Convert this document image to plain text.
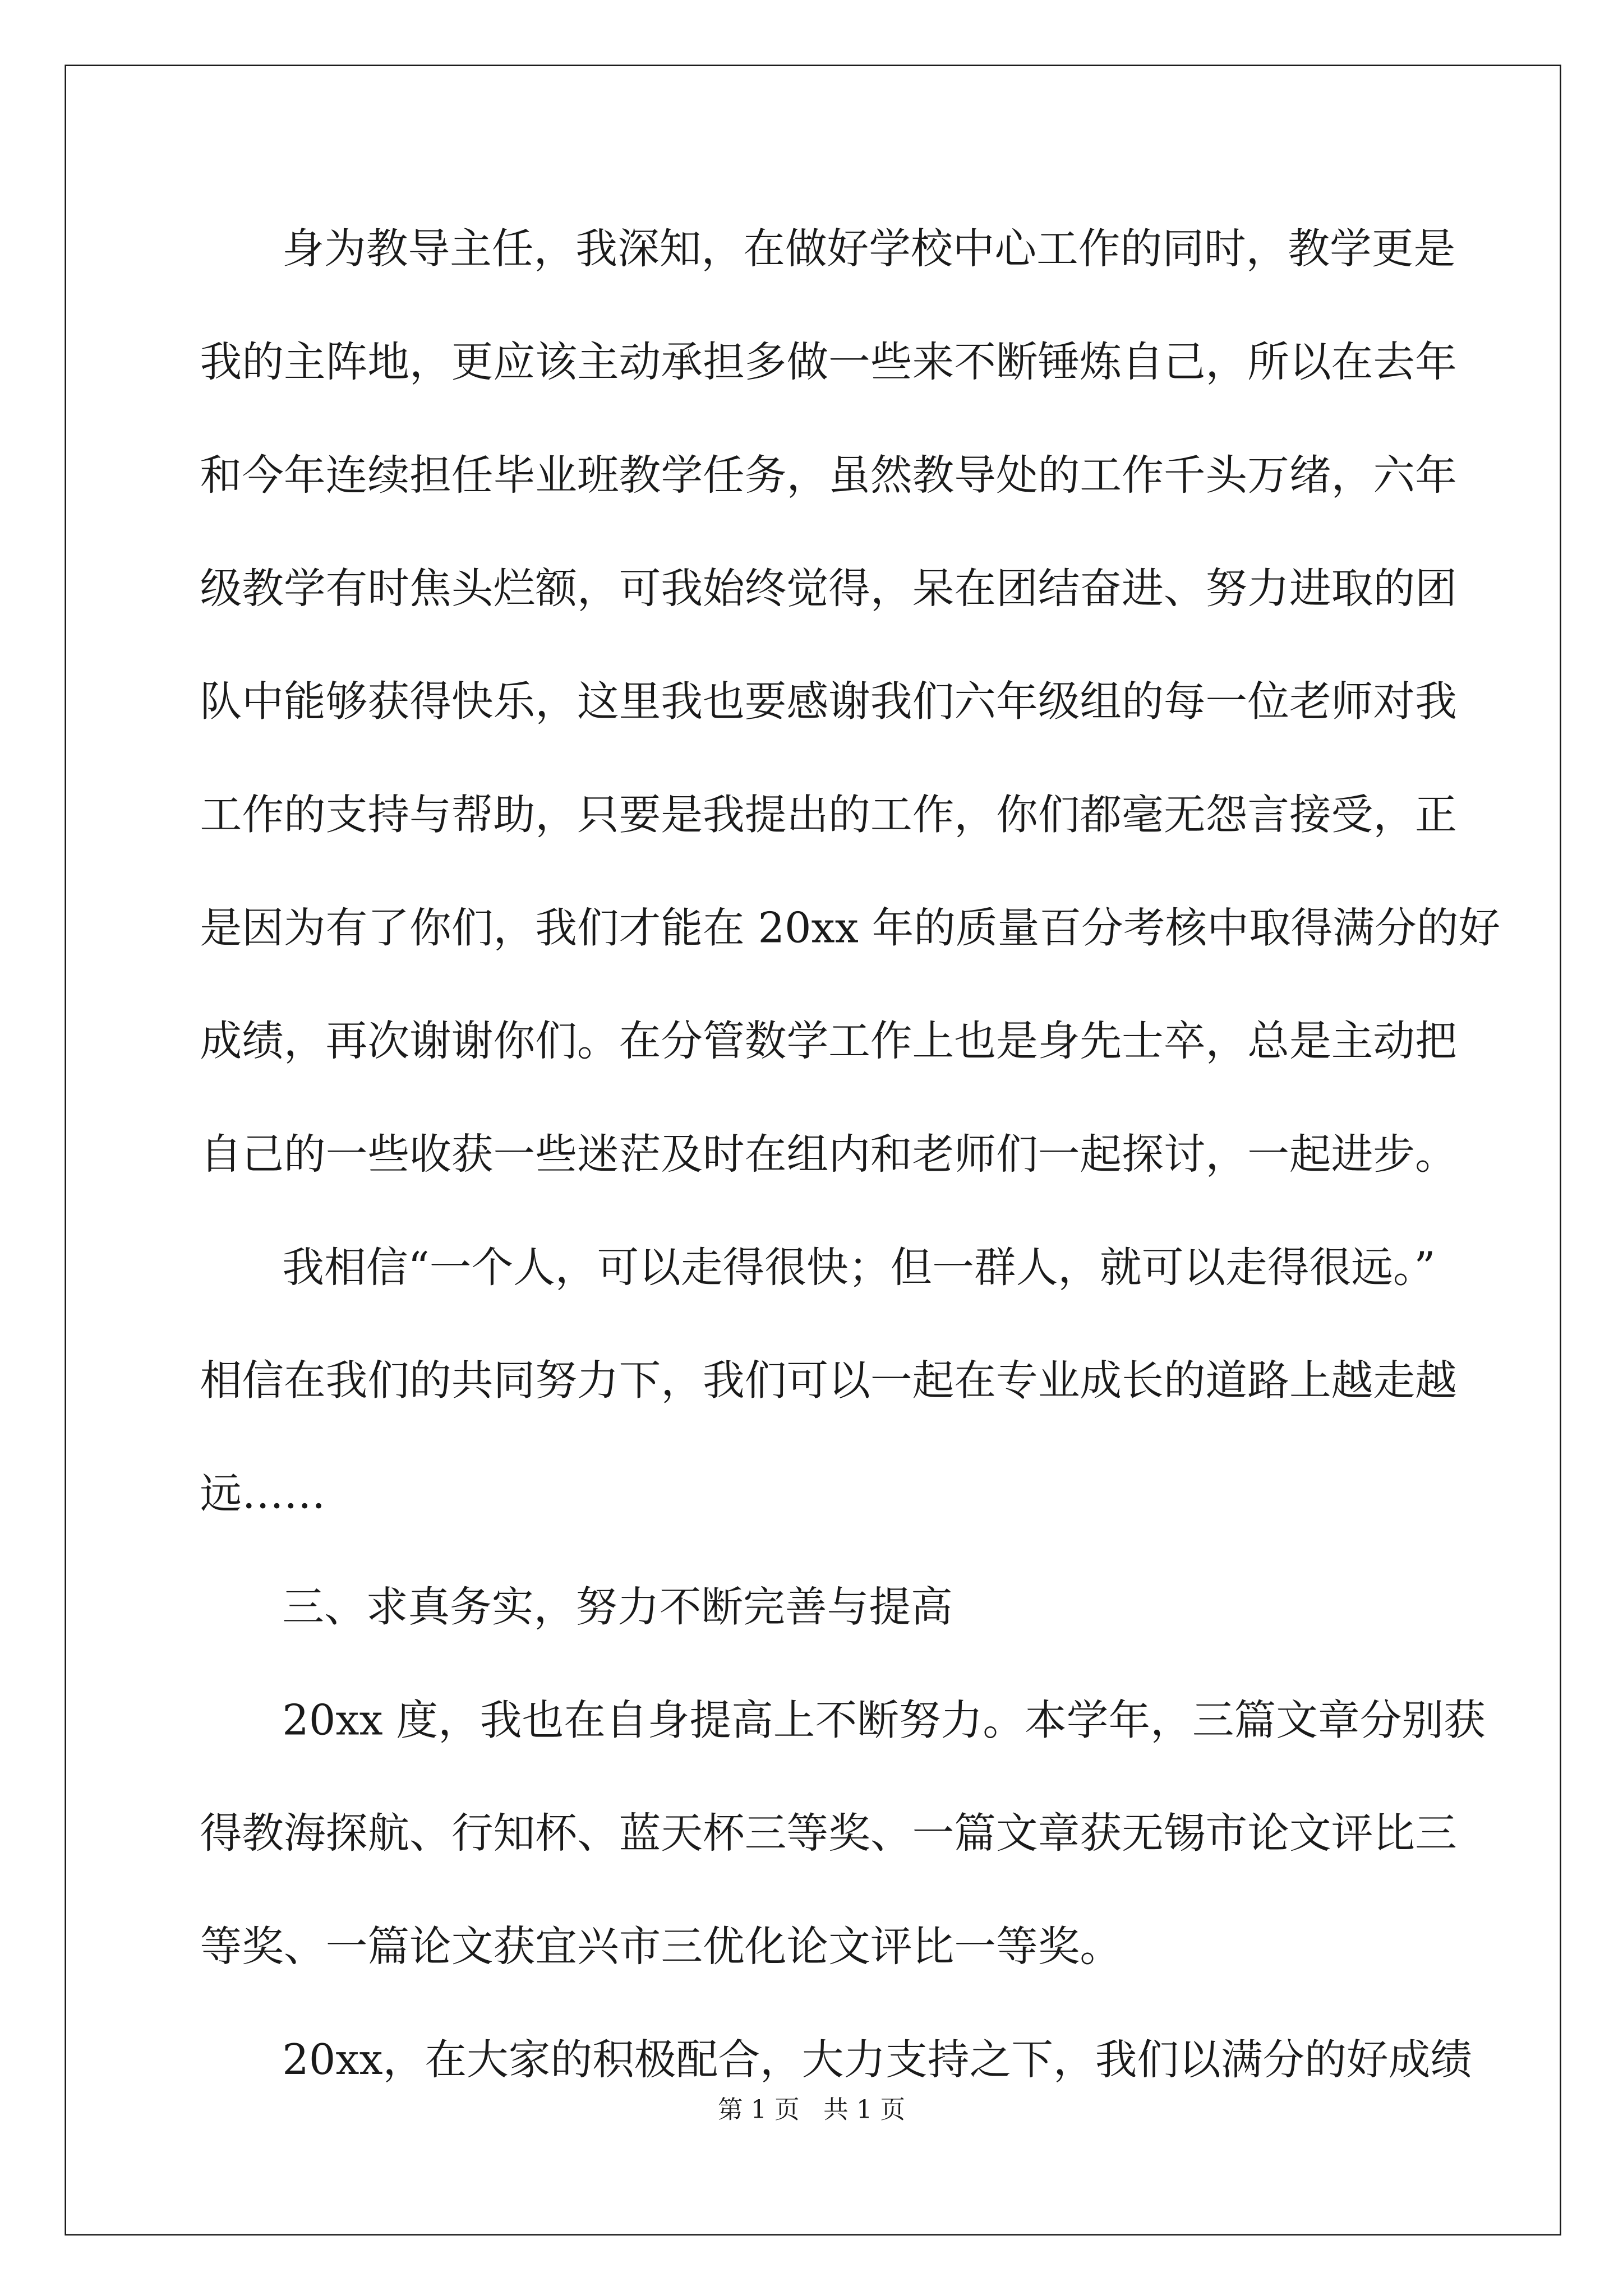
身为教导主任，我深知，在做好学校中心工作的同时，教学更是
我的主阵地，更应该主动承担多做一些来不断锤炼自己，所以在去年
和今年连续担任毕业班教学任务，虽然教导处的工作千头万绪，六年
级教学有时焦头烂额，可我始终觉得，呆在团结奋进、努力进取的团
队中能够获得快乐，这里我也要感谢我们六年级组的每一位老师对我
工作的支持与帮助，只要是我提出的工作，你们都毫无怨言接受，正
是因为有了你们，我们才能在 20xx 年的质量百分考核中取得满分的好
成绩，再次谢谢你们。在分管数学工作上也是身先士卒，总是主动把
自己的一些收获一些迷茫及时在组内和老师们一起探讨，一起进步。
我相信“一个人，可以走得很快；但一群人，就可以走得很远。”
相信在我们的共同努力下，我们可以一起在专业成长的道路上越走越
远……
三、求真务实，努力不断完善与提高
20xx 度，我也在自身提高上不断努力。本学年，三篇文章分别获
得教海探航、行知杯、蓝天杯三等奖、一篇文章获无锡市论文评比三
等奖、一篇论文获宜兴市三优化论文评比一等奖。
20xx，在大家的积极配合，大力支持之下，我们以满分的好成绩
第 1 页   共 1 页
